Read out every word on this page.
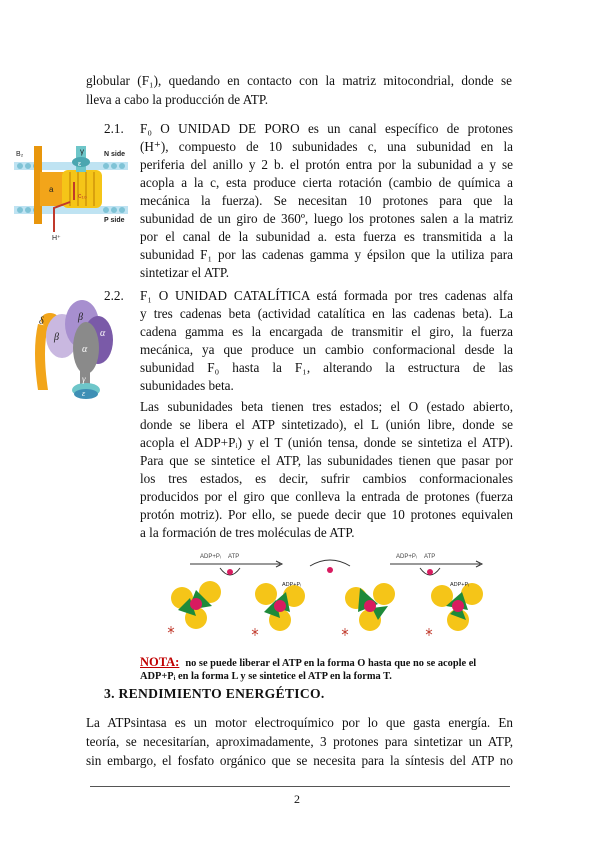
globular (F₁), quedando en contacto con la matriz mitocondrial, donde se
lleva a cabo la producción de ATP.
B₂	γ
ε
a
c₁₀
N side
P side
H⁺
2.1. F₀ O UNIDAD DE PORO es un canal específico de protones
(H⁺), compuesto de 10 subunidades c, una subunidad en la
periferia del anillo y 2 b. el protón entra por la subunidad a y se
acopla a la c, esta produce cierta rotación (cambio de química a
mecánica la fuerza). Se necesitan 10 protones para que la
subunidad de un giro de 360º, luego los protones salen a la matriz
por el canal de la subunidad a. esta fuerza es transmitida a la
subunidad F₁ por las cadenas gamma y épsilon que la utiliza para
sintetizar el ATP.
δ
β
β
α
α
γ
ε
2.2. F₁ O UNIDAD CATALÍTICA está formada por tres cadenas alfa
y tres cadenas beta (actividad catalítica en las cadenas beta). La
cadena gamma es la encargada de transmitir el giro, la fuerza
mecánica, ya que produce un cambio conformacional desde la
subunidad F₀ hasta la F₁, alterando la estructura de las
subunidades beta.
Las subunidades beta tienen tres estados; el O (estado abierto,
donde se libera el ATP sintetizado), el L (unión libre, donde se
acopla el ADP+Pᵢ) y el T (unión tensa, donde se sintetiza el ATP).
Para que se sintetice el ATP, las subunidades tienen que pasar por
los tres estados, es decir, sufrir cambios conformacionales
producidos por el giro que conlleva la entrada de protones (fuerza
protón motriz). Por ello, se puede decir que 10 protones equivalen
a la formación de tres moléculas de ATP.
ADP+Pᵢ ATP	ADP+Pᵢ ATP
ADP+Pᵢ	ADP+Pᵢ
NOTA: no se puede liberar el ATP en la forma O hasta que no se acople el
ADP+Pᵢ en la forma L y se sintetice el ATP en la forma T.
3. RENDIMIENTO ENERGÉTICO.
La ATPsintasa es un motor electroquímico por lo que gasta energía. En
teoría, se necesitarían, aproximadamente, 3 protones para sintetizar un ATP,
sin embargo, el fosfato orgánico que se necesita para la síntesis del ATP no
2
